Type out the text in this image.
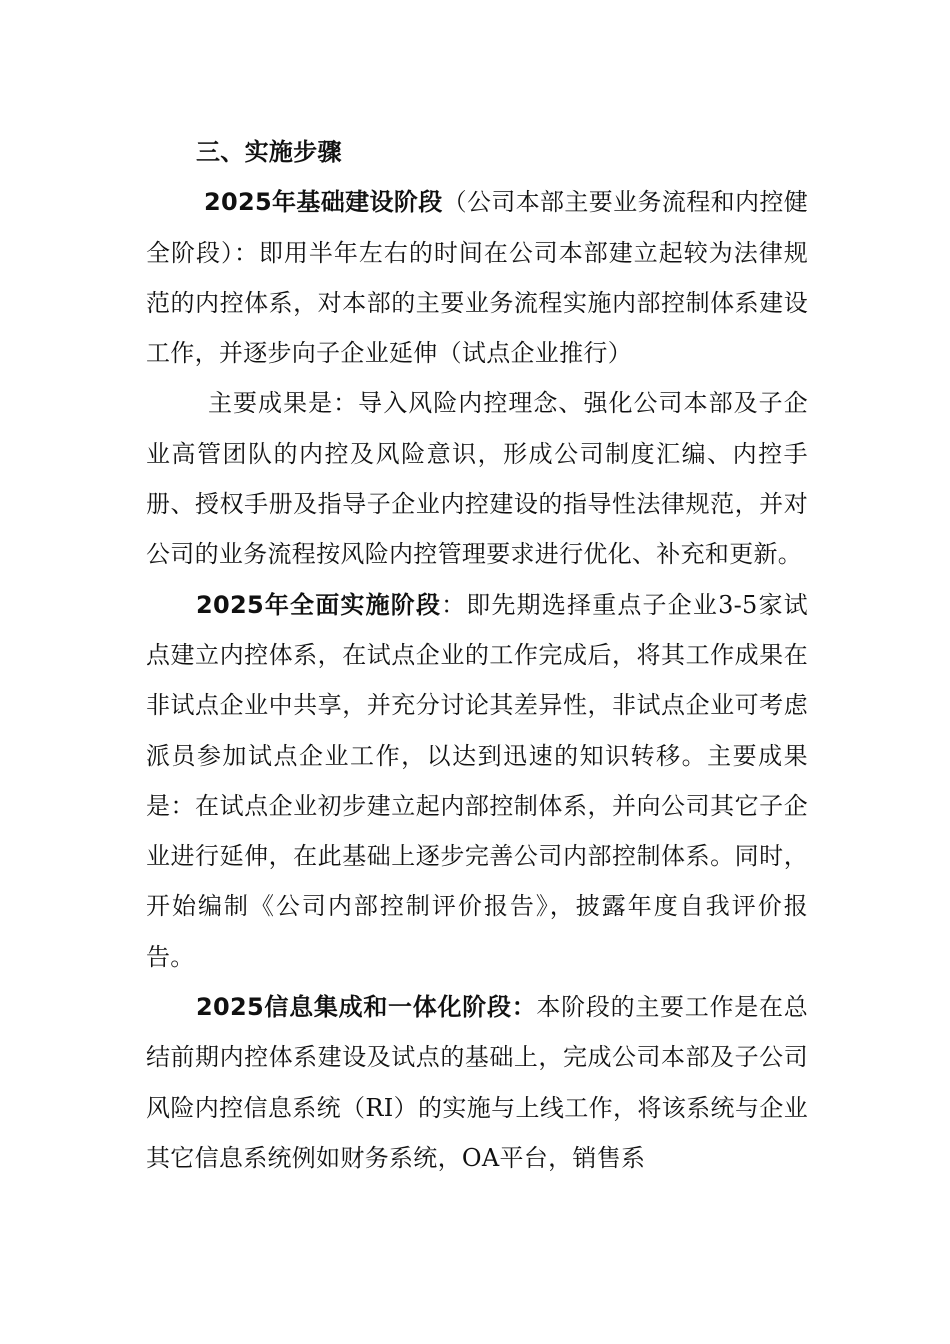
三、实施步骤

2025年基础建设阶段（公司本部主要业务流程和内控健全阶段）：即用半年左右的时间在公司本部建立起较为法律规范的内控体系，对本部的主要业务流程实施内部控制体系建设工作，并逐步向子企业延伸（试点企业推行）

主要成果是：导入风险内控理念、强化公司本部及子企业高管团队的内控及风险意识，形成公司制度汇编、内控手册、授权手册及指导子企业内控建设的指导性法律规范，并对公司的业务流程按风险内控管理要求进行优化、补充和更新。

2025年全面实施阶段：即先期选择重点子企业3-5家试点建立内控体系，在试点企业的工作完成后，将其工作成果在非试点企业中共享，并充分讨论其差异性，非试点企业可考虑派员参加试点企业工作，以达到迅速的知识转移。主要成果是：在试点企业初步建立起内部控制体系，并向公司其它子企业进行延伸，在此基础上逐步完善公司内部控制体系。同时，开始编制《公司内部控制评价报告》，披露年度自我评价报告。

2025信息集成和一体化阶段：本阶段的主要工作是在总结前期内控体系建设及试点的基础上，完成公司本部及子公司风险内控信息系统（RI）的实施与上线工作，将该系统与企业其它信息系统例如财务系统，OA平台，销售系
